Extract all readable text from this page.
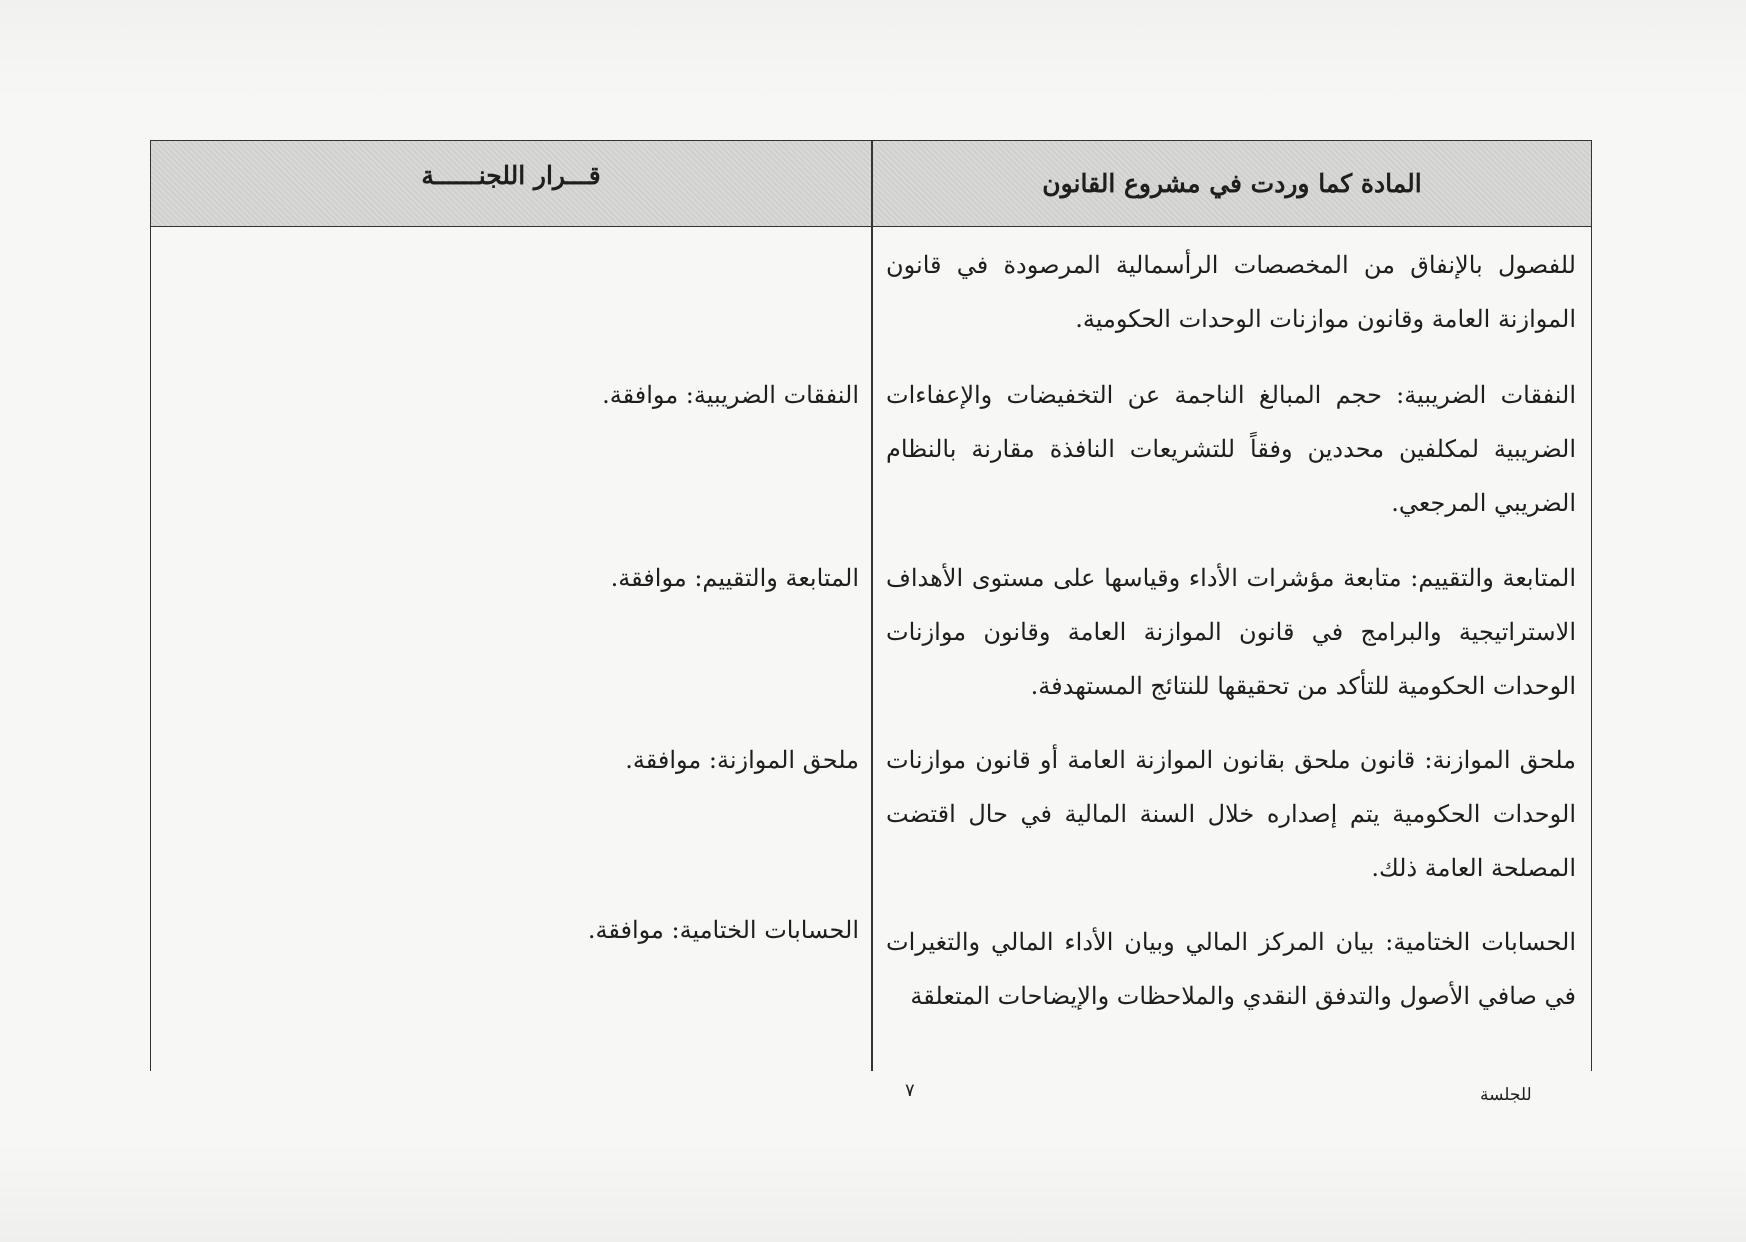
قـــرار اللجنــــــة	المادة كما وردت في مشروع القانون
للفصول بالإنفاق من المخصصات الرأسمالية المرصودة في قانون الموازنة العامة وقانون موازنات الوحدات الحكومية.
النفقات الضريبية: حجم المبالغ الناجمة عن التخفيضات والإعفاءات الضريبية لمكلفين محددين وفقاً للتشريعات النافذة مقارنة بالنظام الضريبي المرجعي.
المتابعة والتقييم: متابعة مؤشرات الأداء وقياسها على مستوى الأهداف الاستراتيجية والبرامج في قانون الموازنة العامة وقانون موازنات الوحدات الحكومية للتأكد من تحقيقها للنتائج المستهدفة.
ملحق الموازنة: قانون ملحق بقانون الموازنة العامة أو قانون موازنات الوحدات الحكومية يتم إصداره خلال السنة المالية في حال اقتضت المصلحة العامة ذلك.
الحسابات الختامية: بيان المركز المالي وبيان الأداء المالي والتغيرات في صافي الأصول والتدفق النقدي والملاحظات والإيضاحات المتعلقة
النفقات الضريبية: موافقة.
المتابعة والتقييم: موافقة.
ملحق الموازنة: موافقة.
الحسابات الختامية: موافقة.
٧	للجلسة
